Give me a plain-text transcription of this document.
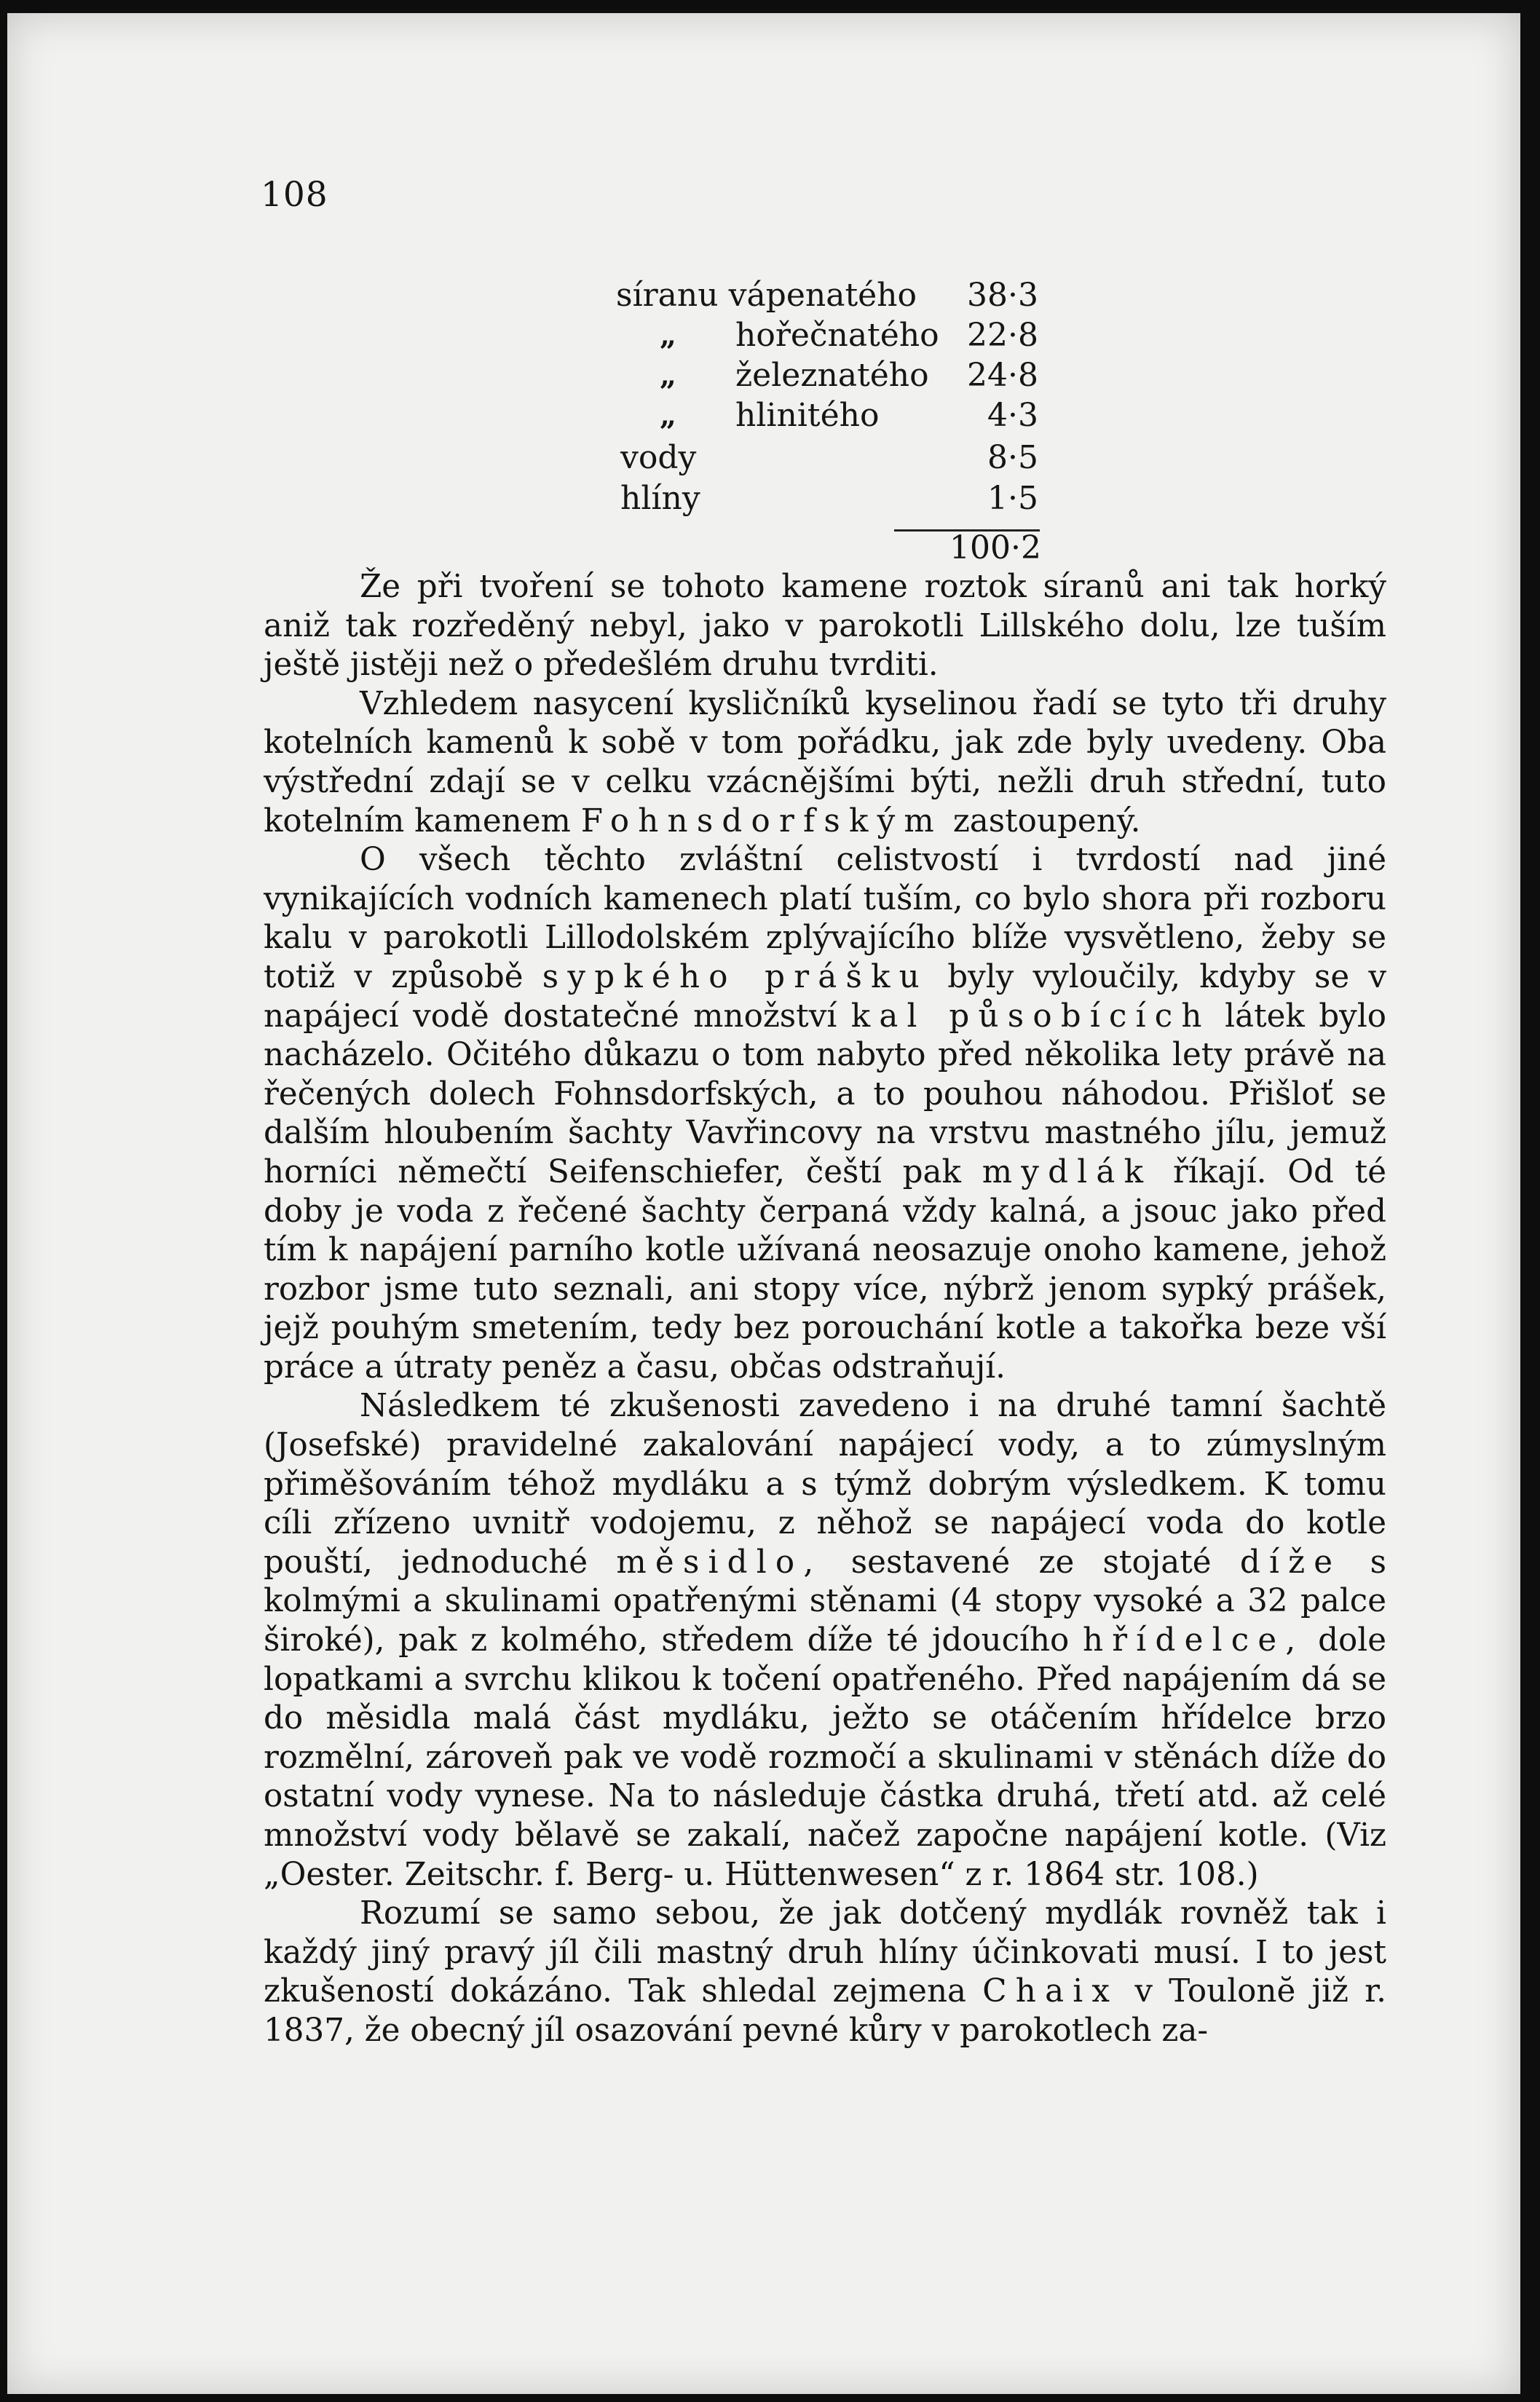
108
síranu vápenatého	38·3
„ hořečnatého 22·8
„ železnatého	24·8
„ hlinitého	4·3
vody	8·5
hlíny	1·5
100·2

Že při tvoření se tohoto kamene roztok síranů ani tak horký aniž tak rozředěný nebyl, jako v parokotli Lillského dolu, lze tuším ještě jistěji než o předešlém druhu tvrditi.

Vzhledem nasycení kysličníků kyselinou řadí se tyto tři druhy kotelních kamenů k sobě v tom pořádku, jak zde byly uvedeny. Oba výstřední zdají se v celku vzácnějšími býti, nežli druh střední, tuto kotelním kamenem Fohnsdorfským zastoupený.

O všech těchto zvláštní celistvostí i tvrdostí nad jiné vynikajících vodních kamenech platí tuším, co bylo shora při rozboru kalu v parokotli Lillodolském zplývajícího blíže vysvětleno, žeby se totiž v způsobě sypkého prášku byly vyloučily, kdyby se v napájecí vodě dostatečné množství kal působících látek bylo nacházelo. Očitého důkazu o tom nabyto před několika lety právě na řečených dolech Fohnsdorfských, a to pouhou náhodou. Přišloť se dalším hloubením šachty Vavřincovy na vrstvu mastného jílu, jemuž horníci němečtí Seifenschiefer, čeští pak mydlák říkají. Od té doby je voda z řečené šachty čerpaná vždy kalná, a jsouc jako před tím k napájení parního kotle užívaná neosazuje onoho kamene, jehož rozbor jsme tuto seznali, ani stopy více, nýbrž jenom sypký prášek, jejž pouhým smetením, tedy bez porouchání kotle a takořka beze vší práce a útraty peněz a času, občas odstraňují.

Následkem té zkušenosti zavedeno i na druhé tamní šachtě (Josefské) pravidelné zakalování napájecí vody, a to zúmyslným přiměšováním téhož mydláku a s týmž dobrým výsledkem. K tomu cíli zřízeno uvnitř vodojemu, z něhož se napájecí voda do kotle pouští, jednoduché měsidlo, sestavené ze stojaté díže s kolmými a skulinami opatřenými stěnami (4 stopy vysoké a 32 palce široké), pak z kolmého, středem díže té jdoucího hřídelce, dole lopatkami a svrchu klikou k točení opatřeného. Před napájením dá se do měsidla malá část mydláku, ježto se otáčením hřídelce brzo rozmělní, zároveň pak ve vodě rozmočí a skulinami v stěnách díže do ostatní vody vynese. Na to následuje částka druhá, třetí atd. až celé množství vody bělavě se zakalí, načež započne napájení kotle. (Viz „Oester. Zeitschr. f. Berg- u. Hüttenwesen“ z r. 1864 str. 108.)

Rozumí se samo sebou, že jak dotčený mydlák rovněž tak i každý jiný pravý jíl čili mastný druh hlíny účinkovati musí. I to jest zkušeností dokázáno. Tak shledal zejmena Chaix v Toulonĕ již r. 1837, že obecný jíl osazování pevné kůry v parokotlech za-
